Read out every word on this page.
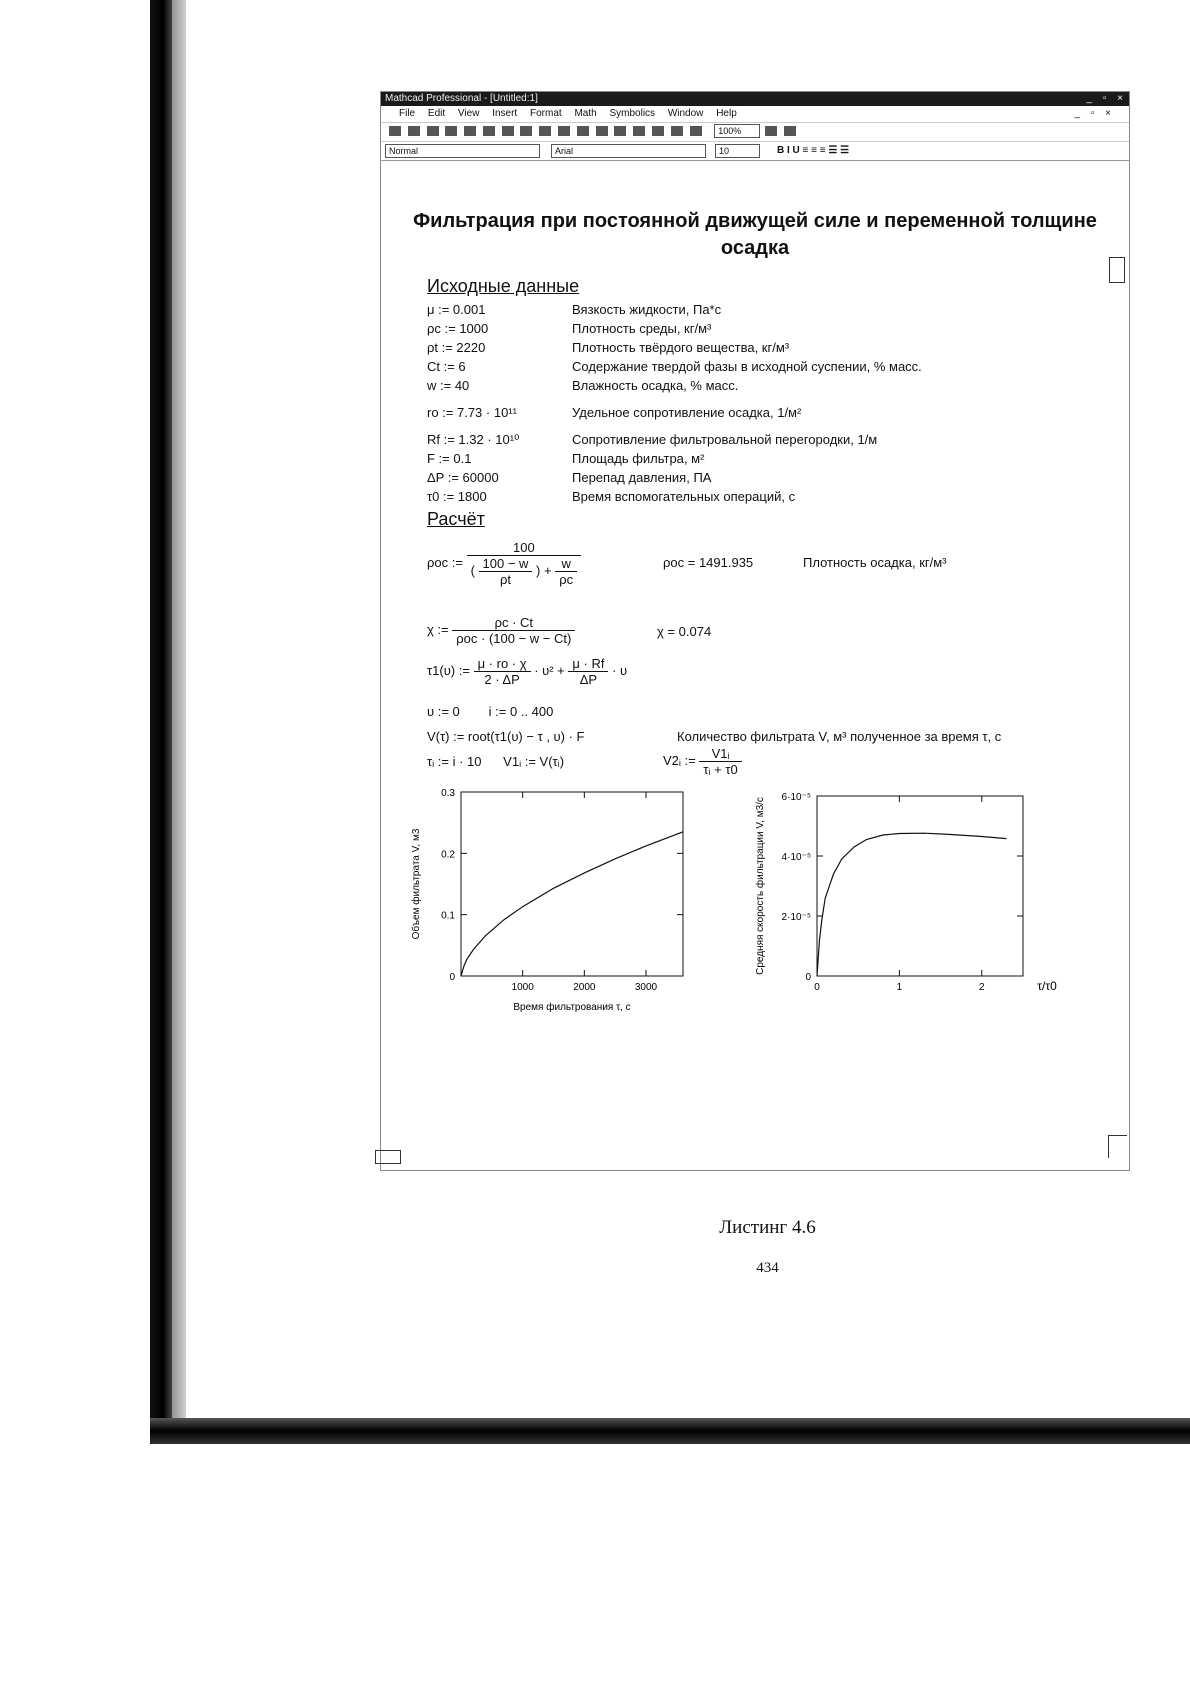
Mathcad Professional - [Untitled:1]	_ ▫ ×
File Edit View Insert Format Math Symbolics Window Help	_ ▫ ×
100%
Normal	Arial	10	B I U ≡ ≡ ≡ ☰ ☰
Фильтрация при постоянной движущей силе и переменной толщине осадка
Исходные данные
μ := 0.001	Вязкость жидкости, Па*с
ρc := 1000	Плотность среды, кг/м³
ρt := 2220	Плотность твёрдого вещества, кг/м³
Ct := 6	Содержание твердой фазы в исходной суспении, % масс.
w := 40	Влажность осадка, % масс.
ro := 7.73 · 10¹¹	Удельное сопротивление осадка, 1/м²
Rf := 1.32 · 10¹⁰	Сопротивление фильтровальной перегородки, 1/м
F := 0.1	Площадь фильтра, м²
ΔP := 60000	Перепад давления, ПА
τ0 := 1800	Время вспомогательных операций, с
Расчёт
ρoc := $\frac{100}{( \frac{100 - w}{\rho t} ) + \frac{w}{\rho c}}$	ρoc = 1491.935	Плотность осадка, кг/м³
χ := $\frac{\rho c \cdot Ct}{\text{ρoc · (100 − w − Ct)}}$	χ = 0.074
τ1(υ) := $\frac{\mu \cdot ro \cdot \chi}{2 \cdot \Delta P} \cdot \upsilon^2 + \frac{\mu \cdot Rf}{\Delta P} \cdot \upsilon$
υ := 0        i := 0 .. 400
V(τ) := root(τ1(υ) − τ , υ) · F	Количество фильтрата V, м³ полученное за время τ, с
τᵢ := i · 10      V1ᵢ := V(τᵢ)	V2ᵢ := $\frac{\text{V1ᵢ}}{\text{τᵢ + τ0}}$
1000	2000	3000
0
0.1
0.2
0.3
Время фильтрования τ, с
Объем фильтрата V, м3
0	1	2
0
2·10⁻⁵
4·10⁻⁵
6·10⁻⁵
τ/τ0
Средняя скорость фильтрации V, м3/с
Листинг 4.6
434
